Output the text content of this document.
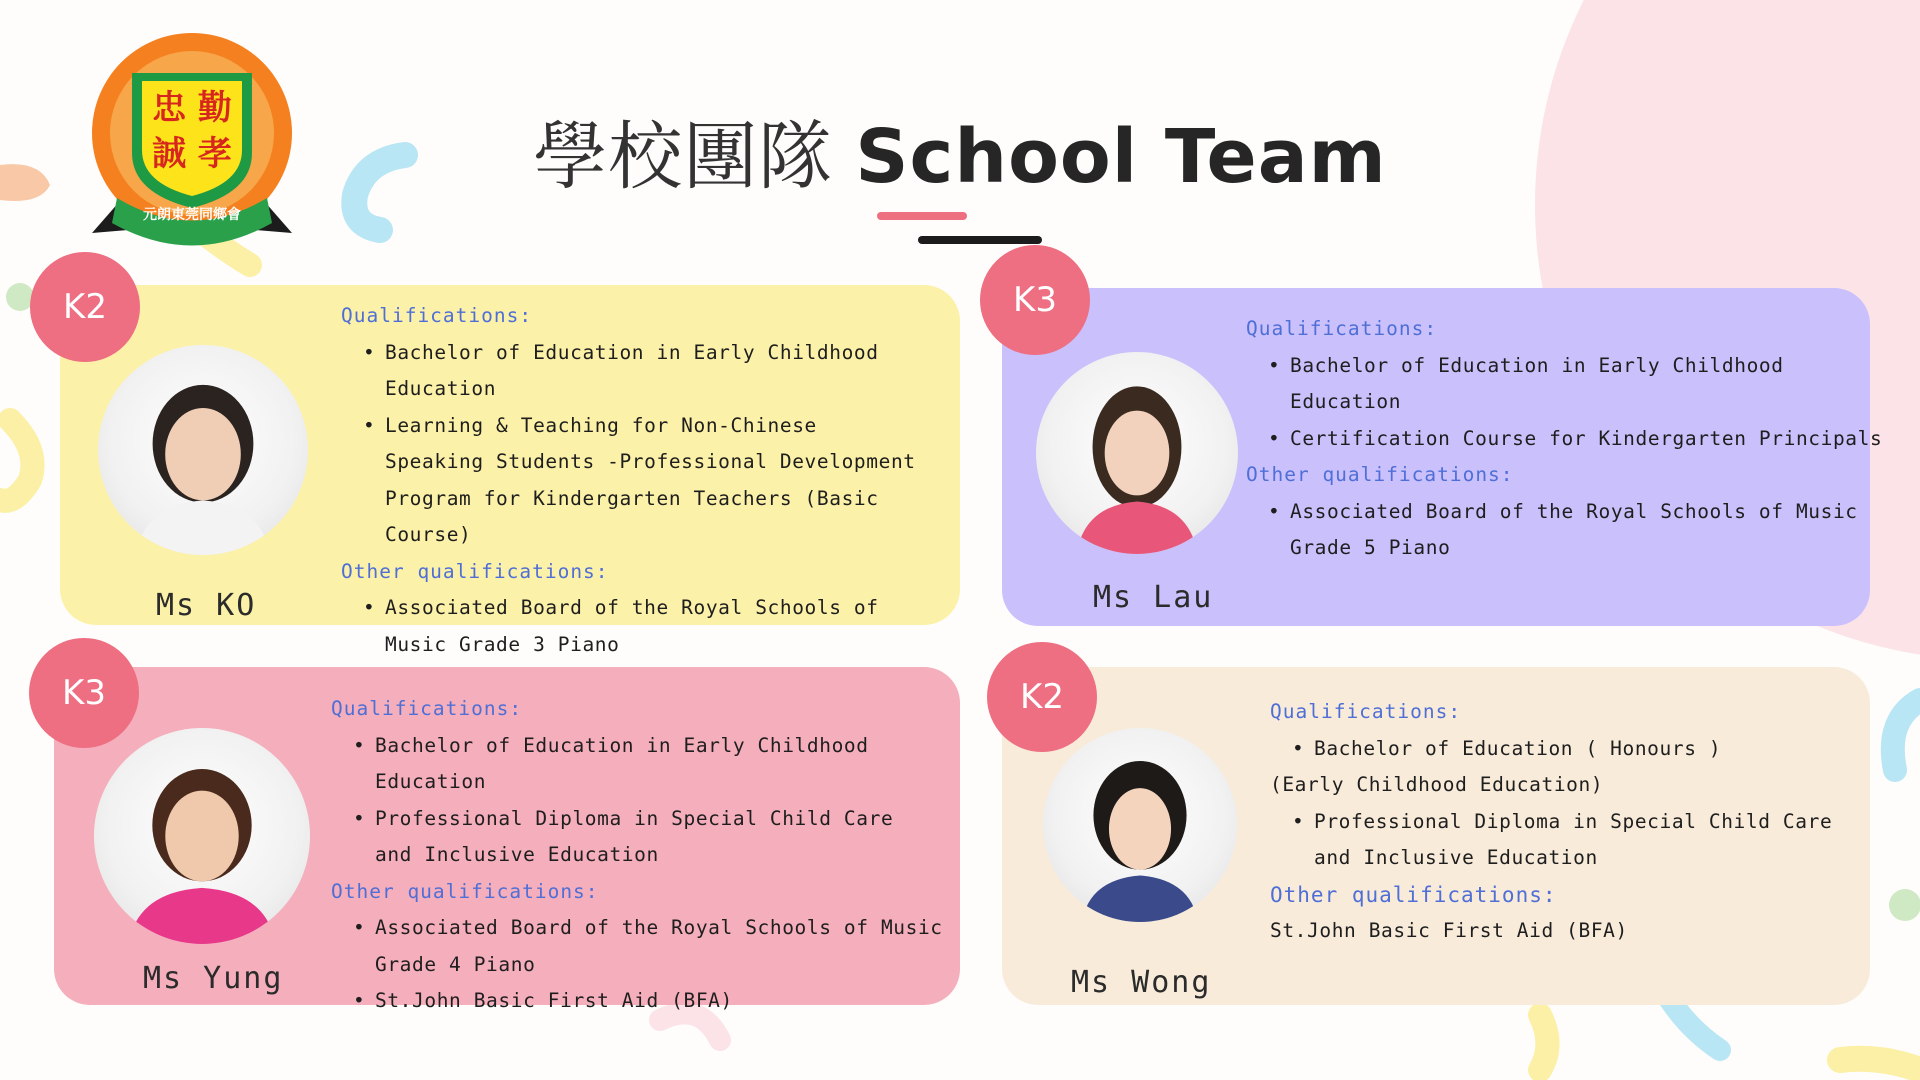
忠 勤
誠 孝
元朗東莞同鄉會
學校團隊 School Team
K2
Ms KO
Qualifications:
• Bachelor of Education in Early Childhood Education
• Learning & Teaching for Non-Chinese Speaking Students -Professional Development Program for Kindergarten Teachers (Basic Course)
Other qualifications:
• Associated Board of the Royal Schools of Music Grade 3 Piano
•
K3
Ms Lau
Qualifications:
• Bachelor of Education in Early Childhood Education
• Certification Course for Kindergarten Principals
Other qualifications:
• Associated Board of the Royal Schools of Music Grade 5 Piano
K3
Ms Yung
Qualifications:
• Bachelor of Education in Early Childhood Education
• Professional Diploma in Special Child Care and Inclusive Education
Other qualifications:
• Associated Board of the Royal Schools of Music Grade 4 Piano
• St.John Basic First Aid (BFA)
K2
Ms Wong
Qualifications:
• Bachelor of Education ( Honours )

(Early Childhood Education)

• Professional Diploma in Special Child Care and Inclusive Education
Other qualifications:

St.John Basic First Aid (BFA)
